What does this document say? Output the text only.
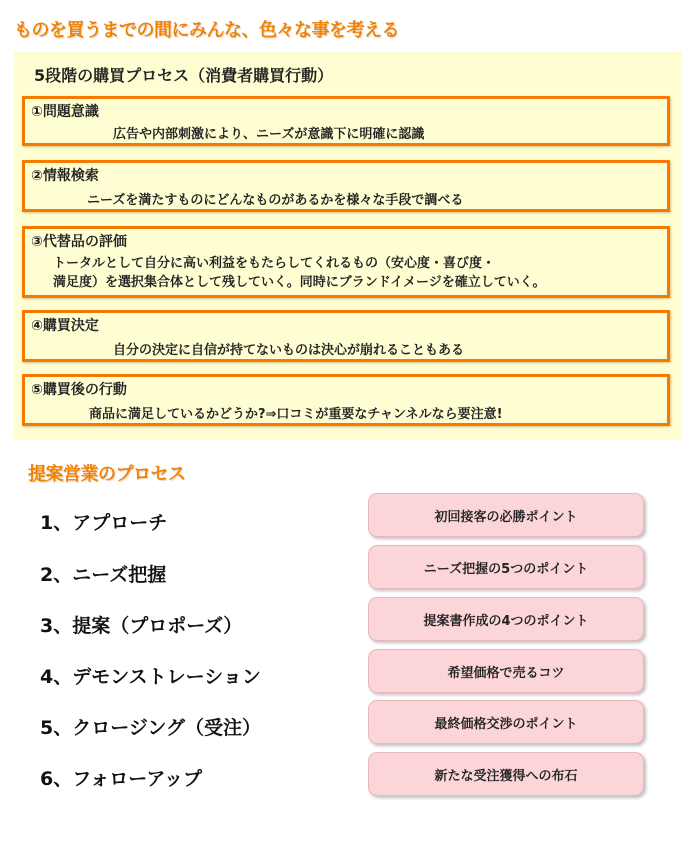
ものを買うまでの間にみんな、色々な事を考える
5段階の購買プロセス（消費者購買行動）

①問題意識

広告や内部刺激により、ニーズが意識下に明確に認識

②情報検索

ニーズを満たすものにどんなものがあるかを様々な手段で調べる

③代替品の評価

トータルとして自分に高い利益をもたらしてくれるもの（安心度・喜び度・

満足度）を選択集合体として残していく。同時にブランドイメージを確立していく。

④購買決定

自分の決定に自信が持てないものは決心が崩れることもある

⑤購買後の行動

商品に満足しているかどうか?⇒口コミが重要なチャンネルなら要注意!

提案営業のプロセス

1、アプローチ	初回接客の必勝ポイント

2、ニーズ把握	ニーズ把握の5つのポイント

3、提案（プロポーズ）	提案書作成の4つのポイント

4、デモンストレーション	希望価格で売るコツ

5、クロージング（受注）	最終価格交渉のポイント

6、フォローアップ	新たな受注獲得への布石
